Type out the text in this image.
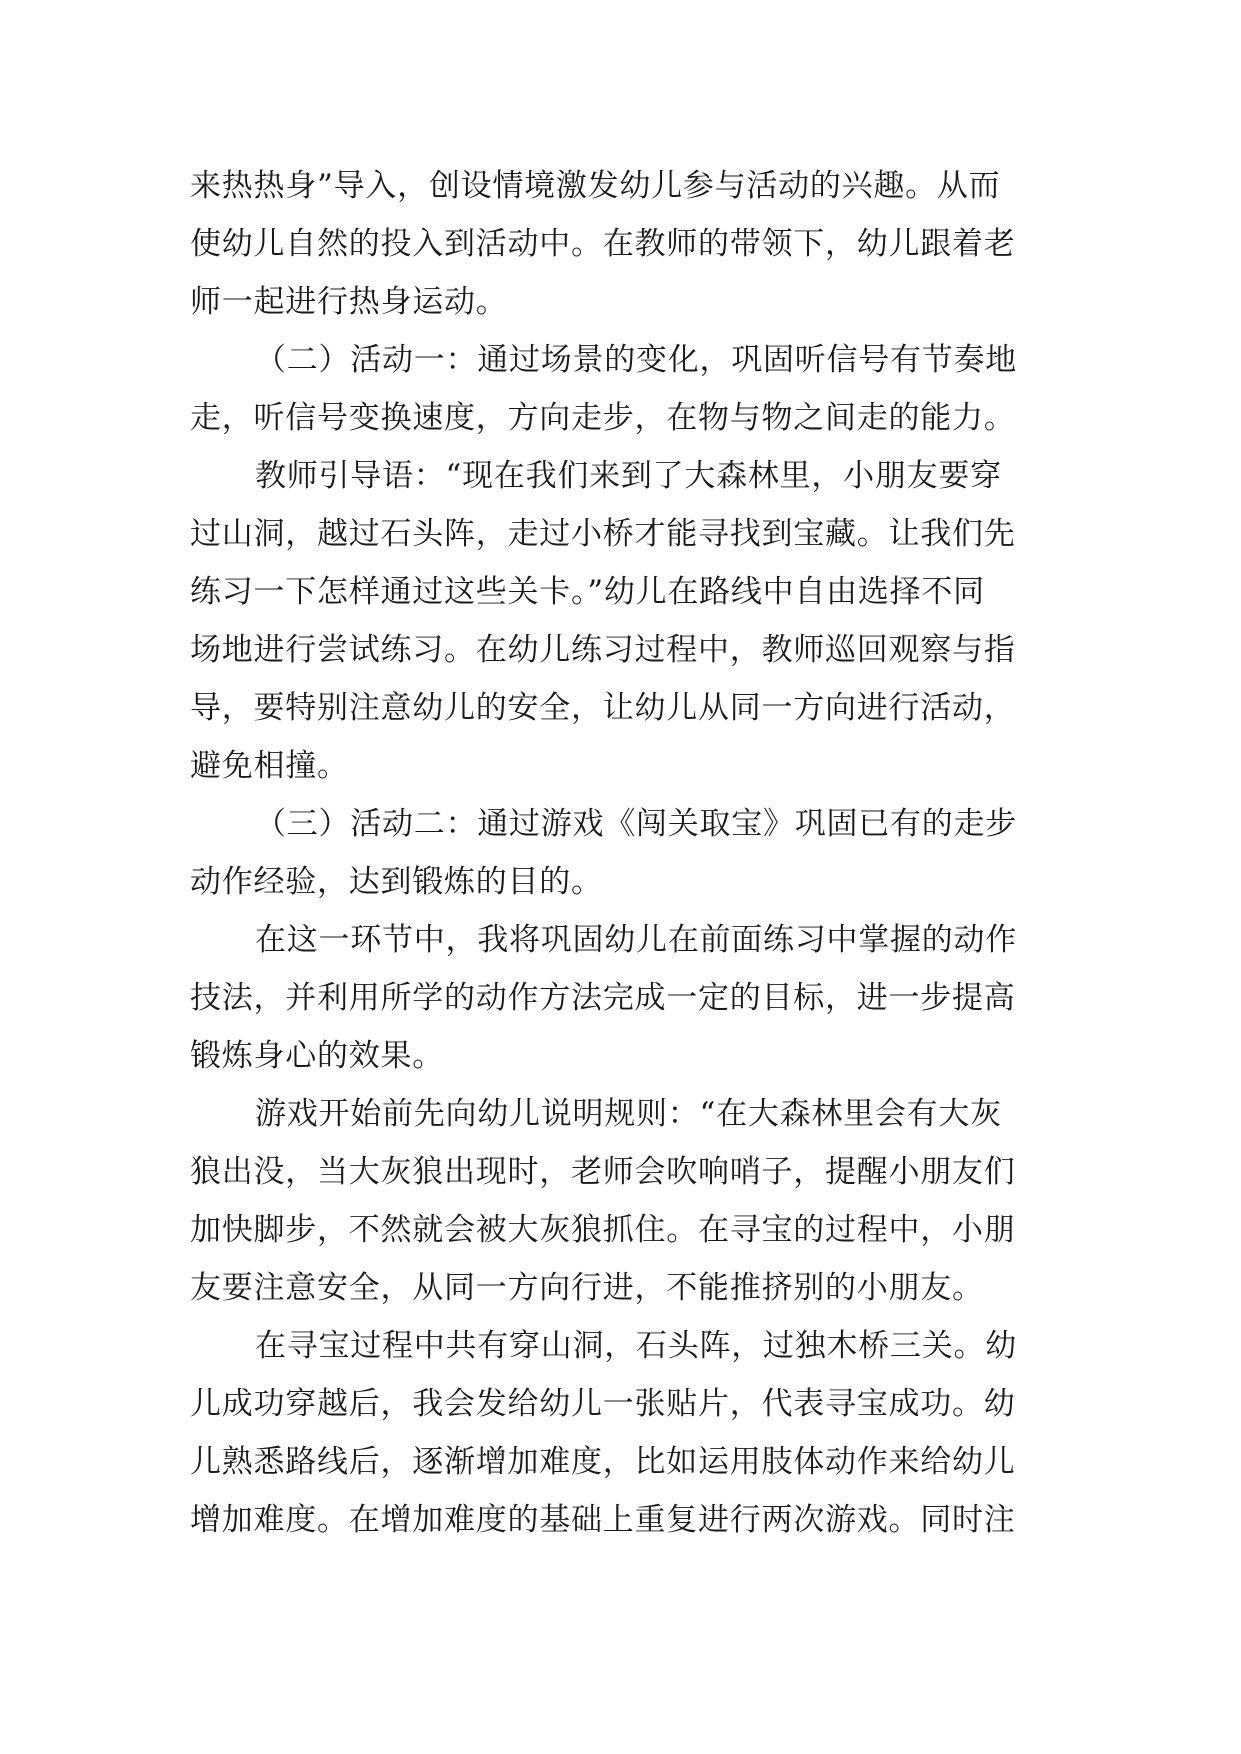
来热热身”导入，创设情境激发幼儿参与活动的兴趣。从而
使幼儿自然的投入到活动中。在教师的带领下，幼儿跟着老
师一起进行热身运动。
（二）活动一：通过场景的变化，巩固听信号有节奏地
走，听信号变换速度，方向走步，在物与物之间走的能力。
教师引导语：“现在我们来到了大森林里，小朋友要穿
过山洞，越过石头阵，走过小桥才能寻找到宝藏。让我们先
练习一下怎样通过这些关卡。”幼儿在路线中自由选择不同
场地进行尝试练习。在幼儿练习过程中，教师巡回观察与指
导，要特别注意幼儿的安全，让幼儿从同一方向进行活动，
避免相撞。
（三）活动二：通过游戏《闯关取宝》巩固已有的走步
动作经验，达到锻炼的目的。
在这一环节中，我将巩固幼儿在前面练习中掌握的动作
技法，并利用所学的动作方法完成一定的目标，进一步提高
锻炼身心的效果。
游戏开始前先向幼儿说明规则：“在大森林里会有大灰
狼出没，当大灰狼出现时，老师会吹响哨子，提醒小朋友们
加快脚步，不然就会被大灰狼抓住。在寻宝的过程中，小朋
友要注意安全，从同一方向行进，不能推挤别的小朋友。
在寻宝过程中共有穿山洞，石头阵，过独木桥三关。幼
儿成功穿越后，我会发给幼儿一张贴片，代表寻宝成功。幼
儿熟悉路线后，逐渐增加难度，比如运用肢体动作来给幼儿
增加难度。在增加难度的基础上重复进行两次游戏。同时注
